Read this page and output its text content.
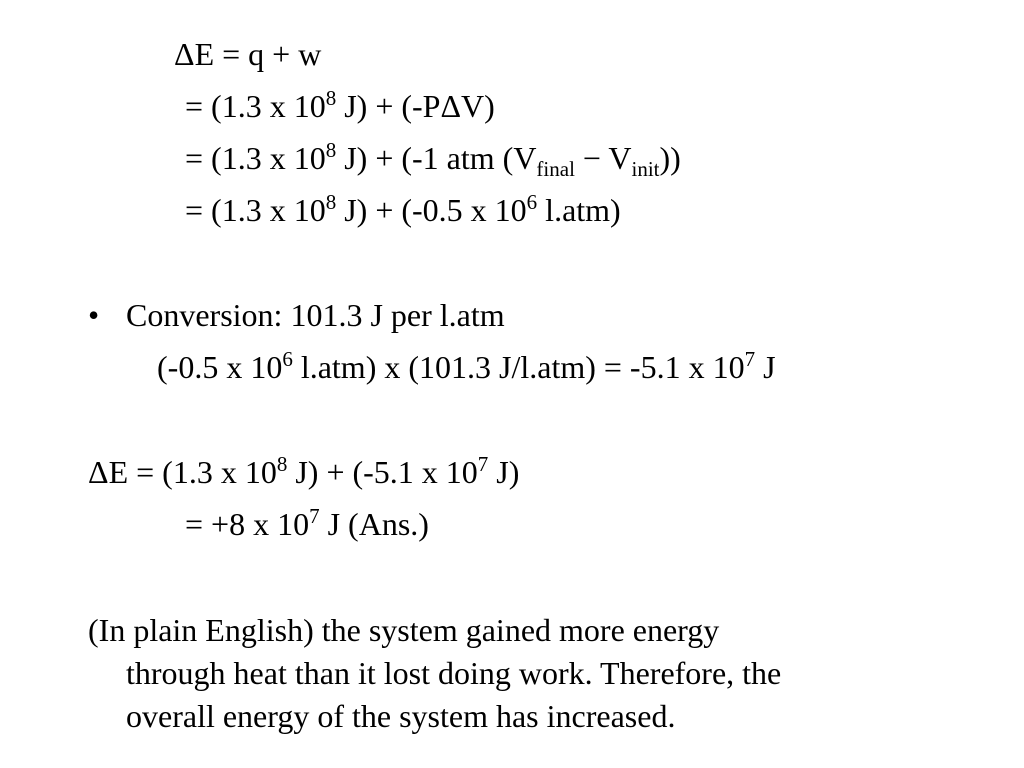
•
ΔE = q + w
= (1.3 x $10^8$ J) + (-PΔV)
= (1.3 x $10^8$ J) + (-1 atm $(V_{final} - V_{init})$)
= (1.3 x $10^8$ J) + (-0.5 x $10^6$ l.atm)
Conversion: 101.3 J per l.atm
(-0.5 x $10^6$ l.atm) x (101.3 J/l.atm) = -5.1 x $10^7$ J
ΔE = (1.3 x $10^8$ J) + (-5.1 x $10^7$ J)
= +8 x $10^7$ J (Ans.)
(In plain English) the system gained more energy
through heat than it lost doing work. Therefore, the
overall energy of the system has increased.
